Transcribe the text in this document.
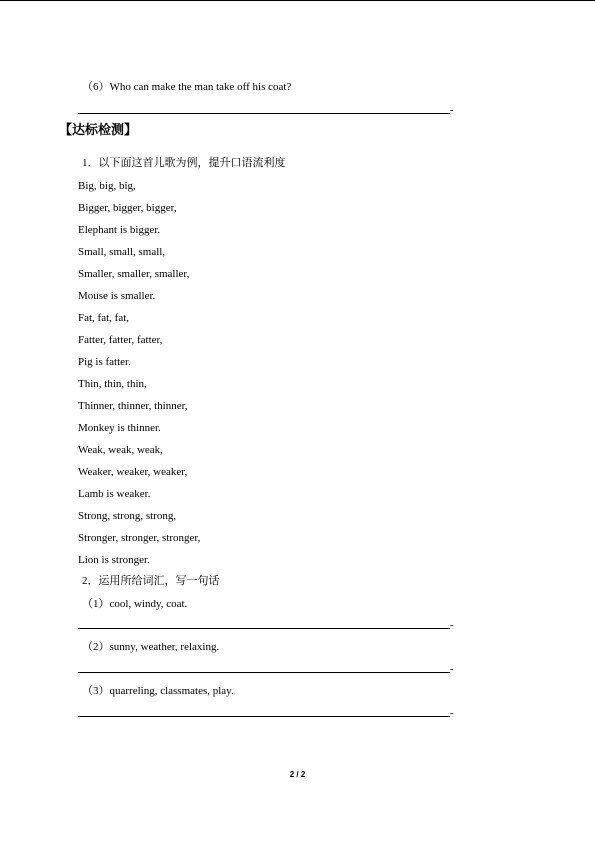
（6）Who can make the man take off his coat?
-
【达标检测】
1．以下面这首儿歌为例，提升口语流利度
Big, big, big,
Bigger, bigger, bigger,
Elephant is bigger.
Small, small, small,
Smaller, smaller, smaller,
Mouse is smaller.
Fat, fat, fat,
Fatter, fatter, fatter,
Pig is fatter.
Thin, thin, thin,
Thinner, thinner, thinner,
Monkey is thinner.
Weak, weak, weak,
Weaker, weaker, weaker,
Lamb is weaker.
Strong, strong, strong,
Stronger, stronger, stronger,
Lion is stronger.
2．运用所给词汇，写一句话
（1）cool, windy, coat.
-
（2）sunny, weather, relaxing.
-
（3）quarreling, classmates, play.
-
2 / 2
